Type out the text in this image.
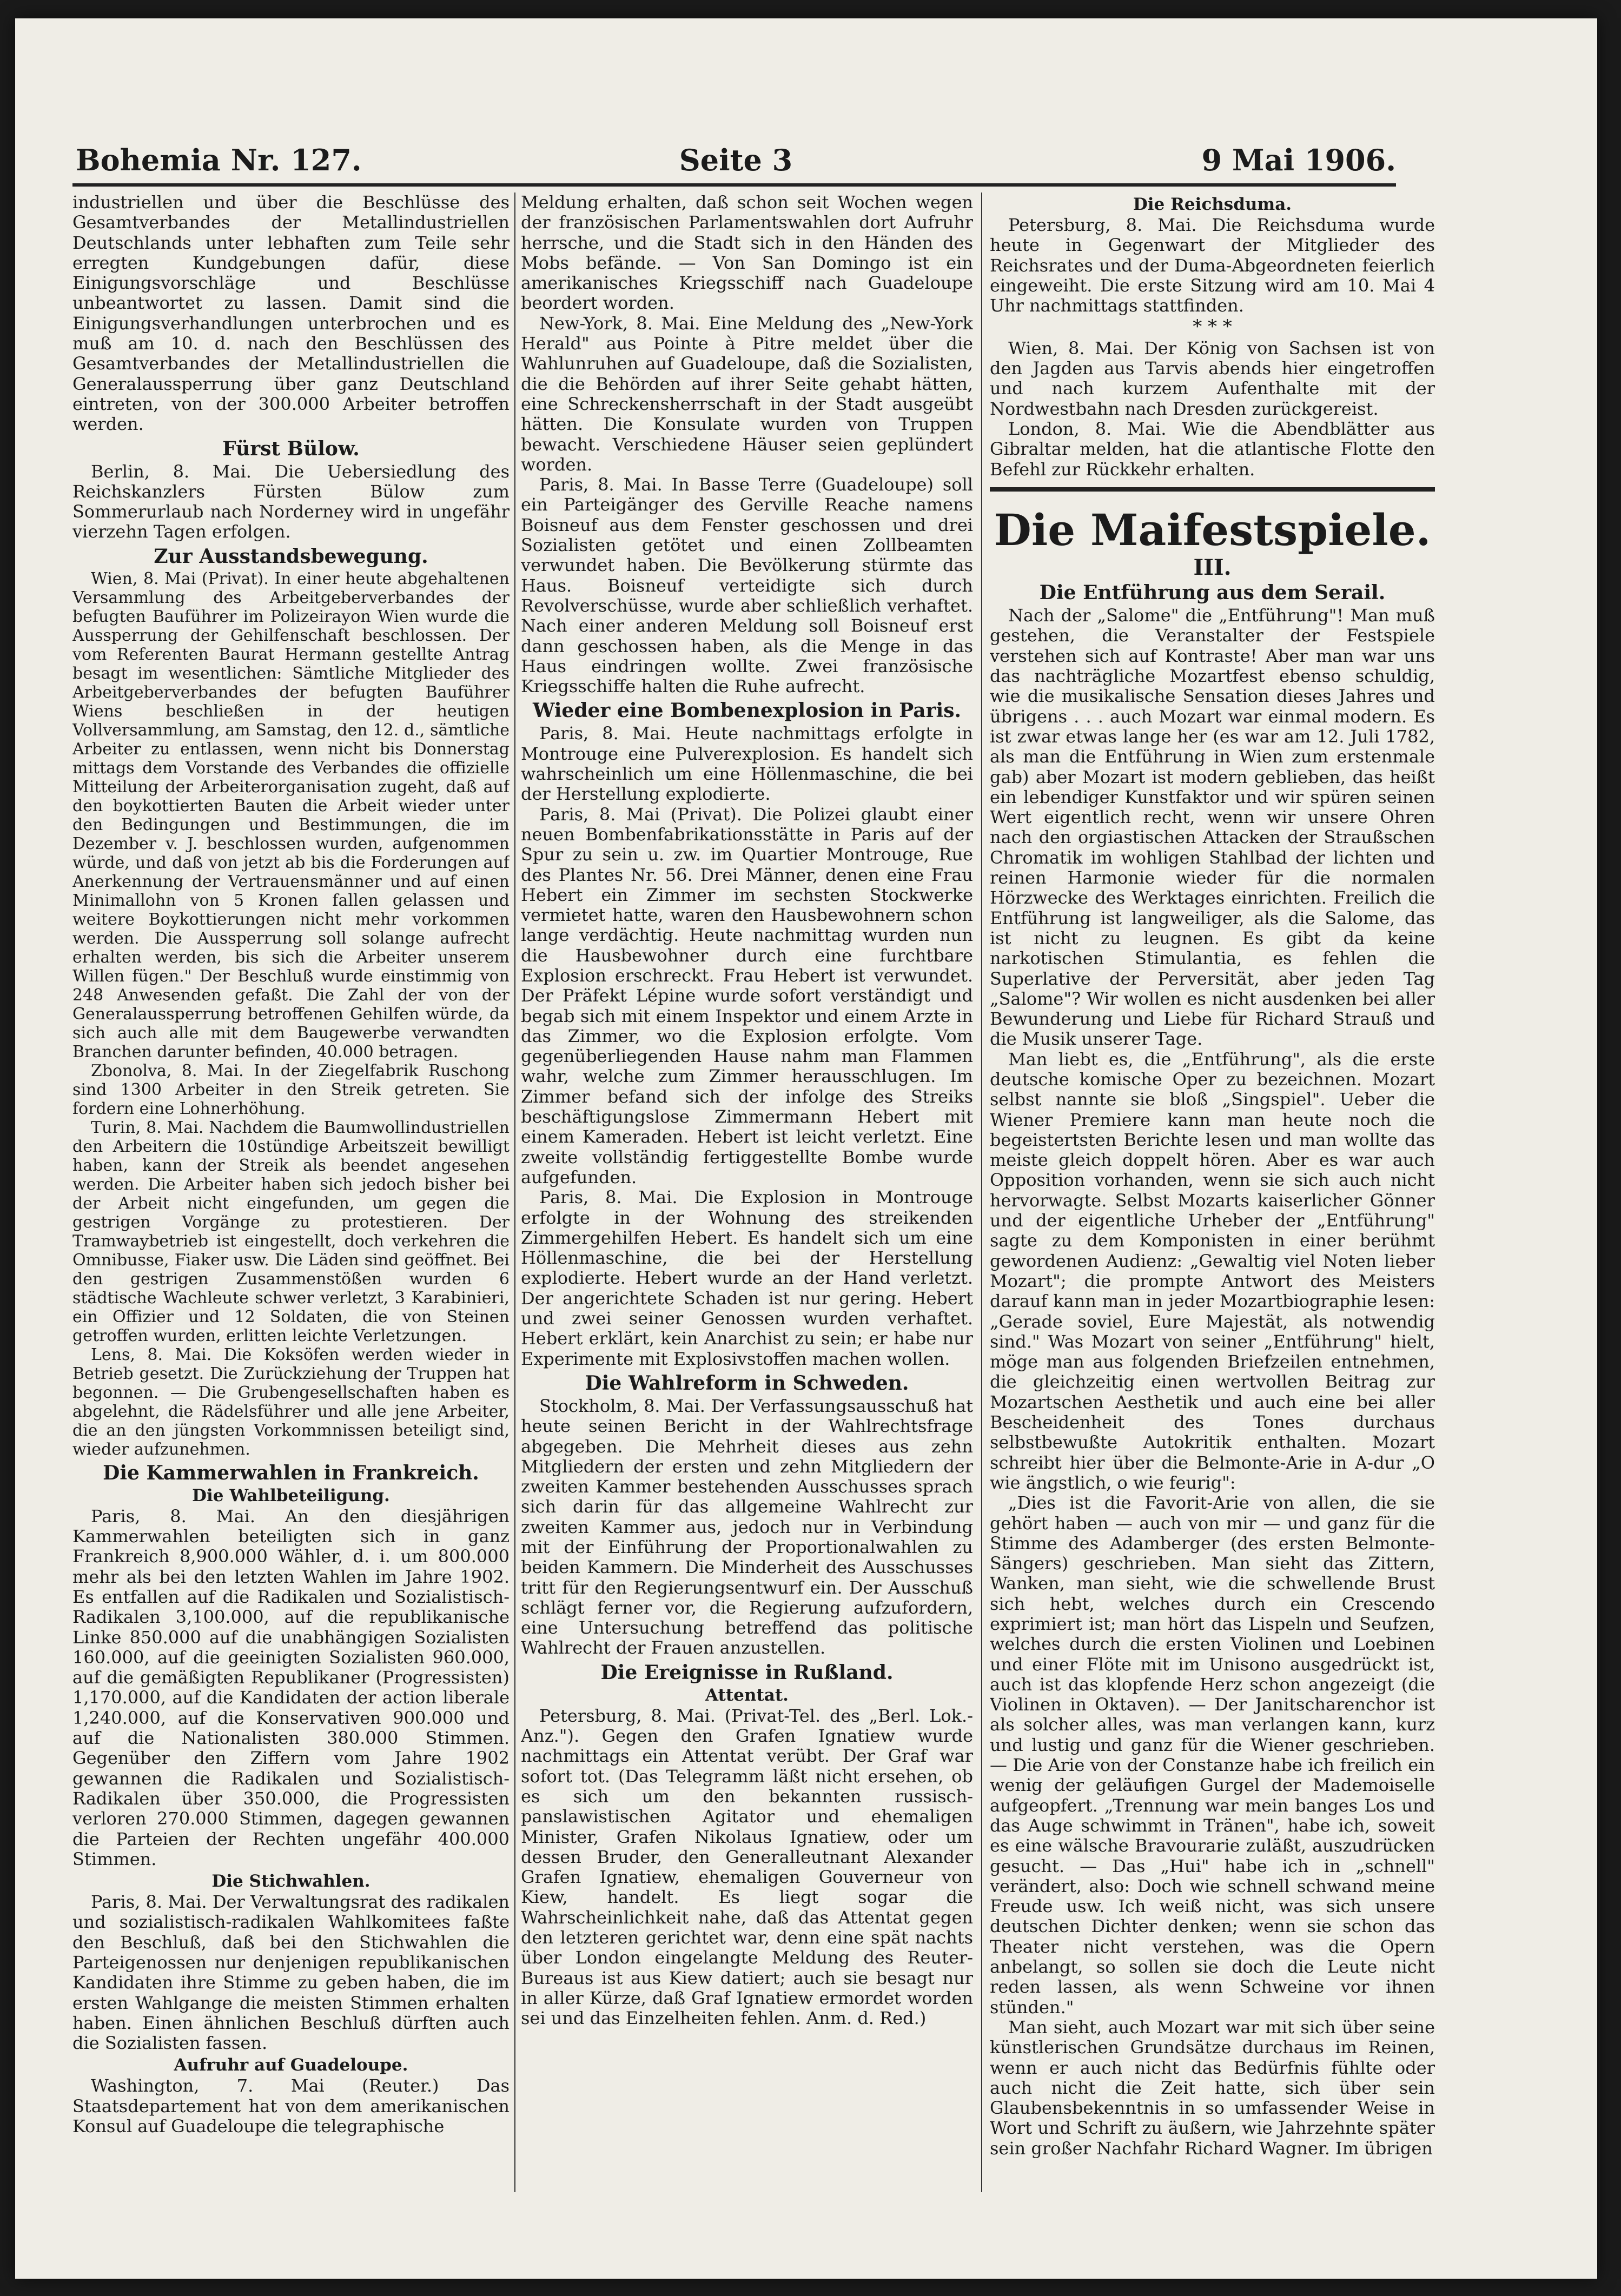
Bohemia Nr. 127.	Seite 3	9 Mai 1906.

industriellen und über die Beschlüsse des Gesamtverbandes der Metallindustriellen Deutschlands unter lebhaften zum Teile sehr erregten Kundgebungen dafür, diese Einigungsvorschläge und Beschlüsse unbeantwortet zu lassen. Damit sind die Einigungsverhandlungen unterbrochen und es muß am 10. d. nach den Beschlüssen des Gesamtverbandes der Metallindustriellen die Generalaussperrung über ganz Deutschland eintreten, von der 300.000 Arbeiter betroffen werden.

Fürst Bülow.

Berlin, 8. Mai. Die Uebersiedlung des Reichskanzlers Fürsten Bülow zum Sommerurlaub nach Norderney wird in ungefähr vierzehn Tagen erfolgen.

Zur Ausstandsbewegung.

Wien, 8. Mai (Privat). In einer heute abgehaltenen Versammlung des Arbeitgeberverbandes der befugten Bauführer im Polizeirayon Wien wurde die Aussperrung der Gehilfenschaft beschlossen. Der vom Referenten Baurat Hermann gestellte Antrag besagt im wesentlichen: Sämtliche Mitglieder des Arbeitgeberverbandes der befugten Bauführer Wiens beschließen in der heutigen Vollversammlung, am Samstag, den 12. d., sämtliche Arbeiter zu entlassen, wenn nicht bis Donnerstag mittags dem Vorstande des Verbandes die offizielle Mitteilung der Arbeiterorganisation zugeht, daß auf den boykottierten Bauten die Arbeit wieder unter den Bedingungen und Bestimmungen, die im Dezember v. J. beschlossen wurden, aufgenommen würde, und daß von jetzt ab bis die Forderungen auf Anerkennung der Vertrauensmänner und auf einen Minimallohn von 5 Kronen fallen gelassen und weitere Boykottierungen nicht mehr vorkommen werden. Die Aussperrung soll solange aufrecht erhalten werden, bis sich die Arbeiter unserem Willen fügen." Der Beschluß wurde einstimmig von 248 Anwesenden gefaßt. Die Zahl der von der Generalaussperrung betroffenen Gehilfen würde, da sich auch alle mit dem Baugewerbe verwandten Branchen darunter befinden, 40.000 betragen.

Zbonolva, 8. Mai. In der Ziegelfabrik Ruschong sind 1300 Arbeiter in den Streik getreten. Sie fordern eine Lohnerhöhung.

Turin, 8. Mai. Nachdem die Baumwollindustriellen den Arbeitern die 10stündige Arbeitszeit bewilligt haben, kann der Streik als beendet angesehen werden. Die Arbeiter haben sich jedoch bisher bei der Arbeit nicht eingefunden, um gegen die gestrigen Vorgänge zu protestieren. Der Tramwaybetrieb ist eingestellt, doch verkehren die Omnibusse, Fiaker usw. Die Läden sind geöffnet. Bei den gestrigen Zusammenstößen wurden 6 städtische Wachleute schwer verletzt, 3 Karabinieri, ein Offizier und 12 Soldaten, die von Steinen getroffen wurden, erlitten leichte Verletzungen.

Lens, 8. Mai. Die Koksöfen werden wieder in Betrieb gesetzt. Die Zurückziehung der Truppen hat begonnen. — Die Grubengesellschaften haben es abgelehnt, die Rädelsführer und alle jene Arbeiter, die an den jüngsten Vorkommnissen beteiligt sind, wieder aufzunehmen.

Die Kammerwahlen in Frankreich.
Die Wahlbeteiligung.

Paris, 8. Mai. An den diesjährigen Kammerwahlen beteiligten sich in ganz Frankreich 8,900.000 Wähler, d. i. um 800.000 mehr als bei den letzten Wahlen im Jahre 1902. Es entfallen auf die Radikalen und Sozialistisch-Radikalen 3,100.000, auf die republikanische Linke 850.000 auf die unabhängigen Sozialisten 160.000, auf die geeinigten Sozialisten 960.000, auf die gemäßigten Republikaner (Progressisten) 1,170.000, auf die Kandidaten der action liberale 1,240.000, auf die Konservativen 900.000 und auf die Nationalisten 380.000 Stimmen. Gegenüber den Ziffern vom Jahre 1902 gewannen die Radikalen und Sozialistisch-Radikalen über 350.000, die Progressisten verloren 270.000 Stimmen, dagegen gewannen die Parteien der Rechten ungefähr 400.000 Stimmen.

Die Stichwahlen.

Paris, 8. Mai. Der Verwaltungsrat des radikalen und sozialistisch-radikalen Wahlkomitees faßte den Beschluß, daß bei den Stichwahlen die Parteigenossen nur denjenigen republikanischen Kandidaten ihre Stimme zu geben haben, die im ersten Wahlgange die meisten Stimmen erhalten haben. Einen ähnlichen Beschluß dürften auch die Sozialisten fassen.

Aufruhr auf Guadeloupe.

Washington, 7. Mai (Reuter.) Das Staatsdepartement hat von dem amerikanischen Konsul auf Guadeloupe die telegraphische

Meldung erhalten, daß schon seit Wochen wegen der französischen Parlamentswahlen dort Aufruhr herrsche, und die Stadt sich in den Händen des Mobs befände. — Von San Domingo ist ein amerikanisches Kriegsschiff nach Guadeloupe beordert worden.

New-York, 8. Mai. Eine Meldung des „New-York Herald" aus Pointe à Pitre meldet über die Wahlunruhen auf Guadeloupe, daß die Sozialisten, die die Behörden auf ihrer Seite gehabt hätten, eine Schreckensherrschaft in der Stadt ausgeübt hätten. Die Konsulate wurden von Truppen bewacht. Verschiedene Häuser seien geplündert worden.

Paris, 8. Mai. In Basse Terre (Guadeloupe) soll ein Parteigänger des Gerville Reache namens Boisneuf aus dem Fenster geschossen und drei Sozialisten getötet und einen Zollbeamten verwundet haben. Die Bevölkerung stürmte das Haus. Boisneuf verteidigte sich durch Revolverschüsse, wurde aber schließlich verhaftet. Nach einer anderen Meldung soll Boisneuf erst dann geschossen haben, als die Menge in das Haus eindringen wollte. Zwei französische Kriegsschiffe halten die Ruhe aufrecht.

Wieder eine Bombenexplosion in Paris.

Paris, 8. Mai. Heute nachmittags erfolgte in Montrouge eine Pulverexplosion. Es handelt sich wahrscheinlich um eine Höllenmaschine, die bei der Herstellung explodierte.

Paris, 8. Mai (Privat). Die Polizei glaubt einer neuen Bombenfabrikationsstätte in Paris auf der Spur zu sein u. zw. im Quartier Montrouge, Rue des Plantes Nr. 56. Drei Männer, denen eine Frau Hebert ein Zimmer im sechsten Stockwerke vermietet hatte, waren den Hausbewohnern schon lange verdächtig. Heute nachmittag wurden nun die Hausbewohner durch eine furchtbare Explosion erschreckt. Frau Hebert ist verwundet. Der Präfekt Lépine wurde sofort verständigt und begab sich mit einem Inspektor und einem Arzte in das Zimmer, wo die Explosion erfolgte. Vom gegenüberliegenden Hause nahm man Flammen wahr, welche zum Zimmer herausschlugen. Im Zimmer befand sich der infolge des Streiks beschäftigungslose Zimmermann Hebert mit einem Kameraden. Hebert ist leicht verletzt. Eine zweite vollständig fertiggestellte Bombe wurde aufgefunden.

Paris, 8. Mai. Die Explosion in Montrouge erfolgte in der Wohnung des streikenden Zimmergehilfen Hebert. Es handelt sich um eine Höllenmaschine, die bei der Herstellung explodierte. Hebert wurde an der Hand verletzt. Der angerichtete Schaden ist nur gering. Hebert und zwei seiner Genossen wurden verhaftet. Hebert erklärt, kein Anarchist zu sein; er habe nur Experimente mit Explosivstoffen machen wollen.

Die Wahlreform in Schweden.

Stockholm, 8. Mai. Der Verfassungsausschuß hat heute seinen Bericht in der Wahlrechtsfrage abgegeben. Die Mehrheit dieses aus zehn Mitgliedern der ersten und zehn Mitgliedern der zweiten Kammer bestehenden Ausschusses sprach sich darin für das allgemeine Wahlrecht zur zweiten Kammer aus, jedoch nur in Verbindung mit der Einführung der Proportionalwahlen zu beiden Kammern. Die Minderheit des Ausschusses tritt für den Regierungsentwurf ein. Der Ausschuß schlägt ferner vor, die Regierung aufzufordern, eine Untersuchung betreffend das politische Wahlrecht der Frauen anzustellen.

Die Ereignisse in Rußland.
Attentat.

Petersburg, 8. Mai. (Privat-Tel. des „Berl. Lok.-Anz."). Gegen den Grafen Ignatiew wurde nachmittags ein Attentat verübt. Der Graf war sofort tot. (Das Telegramm läßt nicht ersehen, ob es sich um den bekannten russisch-panslawistischen Agitator und ehemaligen Minister, Grafen Nikolaus Ignatiew, oder um dessen Bruder, den Generalleutnant Alexander Grafen Ignatiew, ehemaligen Gouverneur von Kiew, handelt. Es liegt sogar die Wahrscheinlichkeit nahe, daß das Attentat gegen den letzteren gerichtet war, denn eine spät nachts über London eingelangte Meldung des Reuter-Bureaus ist aus Kiew datiert; auch sie besagt nur in aller Kürze, daß Graf Ignatiew ermordet worden sei und das Einzelheiten fehlen. Anm. d. Red.)

Die Reichsduma.

Petersburg, 8. Mai. Die Reichsduma wurde heute in Gegenwart der Mitglieder des Reichsrates und der Duma-Abgeordneten feierlich eingeweiht. Die erste Sitzung wird am 10. Mai 4 Uhr nachmittags stattfinden.

* * *

Wien, 8. Mai. Der König von Sachsen ist von den Jagden aus Tarvis abends hier eingetroffen und nach kurzem Aufenthalte mit der Nordwestbahn nach Dresden zurückgereist.

London, 8. Mai. Wie die Abendblätter aus Gibraltar melden, hat die atlantische Flotte den Befehl zur Rückkehr erhalten.

Die Maifestspiele.
III.
Die Entführung aus dem Serail.

Nach der „Salome" die „Entführung"! Man muß gestehen, die Veranstalter der Festspiele verstehen sich auf Kontraste! Aber man war uns das nachträgliche Mozartfest ebenso schuldig, wie die musikalische Sensation dieses Jahres und übrigens . . . auch Mozart war einmal modern. Es ist zwar etwas lange her (es war am 12. Juli 1782, als man die Entführung in Wien zum erstenmale gab) aber Mozart ist modern geblieben, das heißt ein lebendiger Kunstfaktor und wir spüren seinen Wert eigentlich recht, wenn wir unsere Ohren nach den orgiastischen Attacken der Straußschen Chromatik im wohligen Stahlbad der lichten und reinen Harmonie wieder für die normalen Hörzwecke des Werktages einrichten. Freilich die Entführung ist langweiliger, als die Salome, das ist nicht zu leugnen. Es gibt da keine narkotischen Stimulantia, es fehlen die Superlative der Perversität, aber jeden Tag „Salome"? Wir wollen es nicht ausdenken bei aller Bewunderung und Liebe für Richard Strauß und die Musik unserer Tage.

Man liebt es, die „Entführung", als die erste deutsche komische Oper zu bezeichnen. Mozart selbst nannte sie bloß „Singspiel". Ueber die Wiener Premiere kann man heute noch die begeistertsten Berichte lesen und man wollte das meiste gleich doppelt hören. Aber es war auch Opposition vorhanden, wenn sie sich auch nicht hervorwagte. Selbst Mozarts kaiserlicher Gönner und der eigentliche Urheber der „Entführung" sagte zu dem Komponisten in einer berühmt gewordenen Audienz: „Gewaltig viel Noten lieber Mozart"; die prompte Antwort des Meisters darauf kann man in jeder Mozartbiographie lesen: „Gerade soviel, Eure Majestät, als notwendig sind." Was Mozart von seiner „Entführung" hielt, möge man aus folgenden Briefzeilen entnehmen, die gleichzeitig einen wertvollen Beitrag zur Mozartschen Aesthetik und auch eine bei aller Bescheidenheit des Tones durchaus selbstbewußte Autokritik enthalten. Mozart schreibt hier über die Belmonte-Arie in A-dur „O wie ängstlich, o wie feurig":

„Dies ist die Favorit-Arie von allen, die sie gehört haben — auch von mir — und ganz für die Stimme des Adamberger (des ersten Belmonte-Sängers) geschrieben. Man sieht das Zittern, Wanken, man sieht, wie die schwellende Brust sich hebt, welches durch ein Crescendo exprimiert ist; man hört das Lispeln und Seufzen, welches durch die ersten Violinen und Loebinen und einer Flöte mit im Unisono ausgedrückt ist, auch ist das klopfende Herz schon angezeigt (die Violinen in Oktaven). — Der Janitscharenchor ist als solcher alles, was man verlangen kann, kurz und lustig und ganz für die Wiener geschrieben. — Die Arie von der Constanze habe ich freilich ein wenig der geläufigen Gurgel der Mademoiselle aufgeopfert. „Trennung war mein banges Los und das Auge schwimmt in Tränen", habe ich, soweit es eine wälsche Bravourarie zuläßt, auszudrücken gesucht. — Das „Hui" habe ich in „schnell" verändert, also: Doch wie schnell schwand meine Freude usw. Ich weiß nicht, was sich unsere deutschen Dichter denken; wenn sie schon das Theater nicht verstehen, was die Opern anbelangt, so sollen sie doch die Leute nicht reden lassen, als wenn Schweine vor ihnen stünden."

Man sieht, auch Mozart war mit sich über seine künstlerischen Grundsätze durchaus im Reinen, wenn er auch nicht das Bedürfnis fühlte oder auch nicht die Zeit hatte, sich über sein Glaubensbekenntnis in so umfassender Weise in Wort und Schrift zu äußern, wie Jahrzehnte später sein großer Nachfahr Richard Wagner. Im übrigen
